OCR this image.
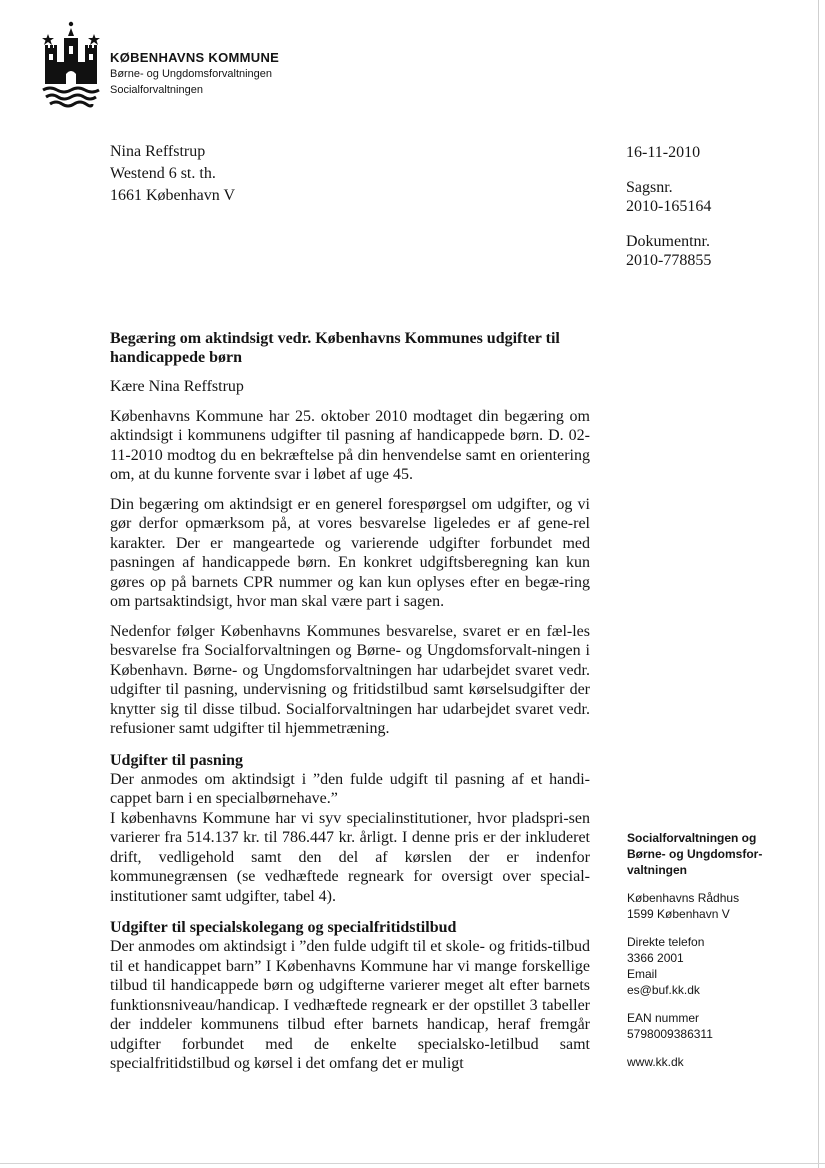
KØBENHAVNS KOMMUNE
Børne- og Ungdomsforvaltningen
Socialforvaltningen
Nina Reffstrup
Westend 6 st. th.
1661 København V
16-11-2010
Sagsnr.
2010-165164
Dokumentnr.
2010-778855
Begæring om aktindsigt vedr. Københavns Kommunes udgifter til handicappede børn

Kære Nina Reffstrup

Københavns Kommune har 25. oktober 2010 modtaget din begæring om aktindsigt i kommunens udgifter til pasning af handicappede børn. D. 02-11-2010 modtog du en bekræftelse på din henvendelse samt en orientering om, at du kunne forvente svar i løbet af uge 45.

Din begæring om aktindsigt er en generel forespørgsel om udgifter, og vi gør derfor opmærksom på, at vores besvarelse ligeledes er af gene-rel karakter. Der er mangeartede og varierende udgifter forbundet med pasningen af handicappede børn. En konkret udgiftsberegning kan kun gøres op på barnets CPR nummer og kan kun oplyses efter en begæ-ring om partsaktindsigt, hvor man skal være part i sagen.

Nedenfor følger Københavns Kommunes besvarelse, svaret er en fæl-les besvarelse fra Socialforvaltningen og Børne- og Ungdomsforvalt-ningen i København. Børne- og Ungdomsforvaltningen har udarbejdet svaret vedr. udgifter til pasning, undervisning og fritidstilbud samt kørselsudgifter der knytter sig til disse tilbud. Socialforvaltningen har udarbejdet svaret vedr. refusioner samt udgifter til hjemmetræning.

Udgifter til pasning

Der anmodes om aktindsigt i ”den fulde udgift til pasning af et handi-cappet barn i en specialbørnehave.”

I københavns Kommune har vi syv specialinstitutioner, hvor pladspri-sen varierer fra 514.137 kr. til 786.447 kr. årligt. I denne pris er der inkluderet drift, vedligehold samt den del af kørslen der er indenfor kommunegrænsen (se vedhæftede regneark for oversigt over special-institutioner samt udgifter, tabel 4).

Udgifter til specialskolegang og specialfritidstilbud

Der anmodes om aktindsigt i ”den fulde udgift til et skole- og fritids-tilbud til et handicappet barn” I Københavns Kommune har vi mange forskellige tilbud til handicappede børn og udgifterne varierer meget alt efter barnets funktionsniveau/handicap. I vedhæftede regneark er der opstillet 3 tabeller der inddeler kommunens tilbud efter barnets handicap, heraf fremgår udgifter forbundet med de enkelte specialsko-letilbud samt specialfritidstilbud og kørsel i det omfang det er muligt

Socialforvaltningen og
Børne- og Ungdomsfor-
valtningen
Københavns Rådhus
1599 København V
Direkte telefon
3366 2001
Email
es@buf.kk.dk
EAN nummer
5798009386311
www.kk.dk
